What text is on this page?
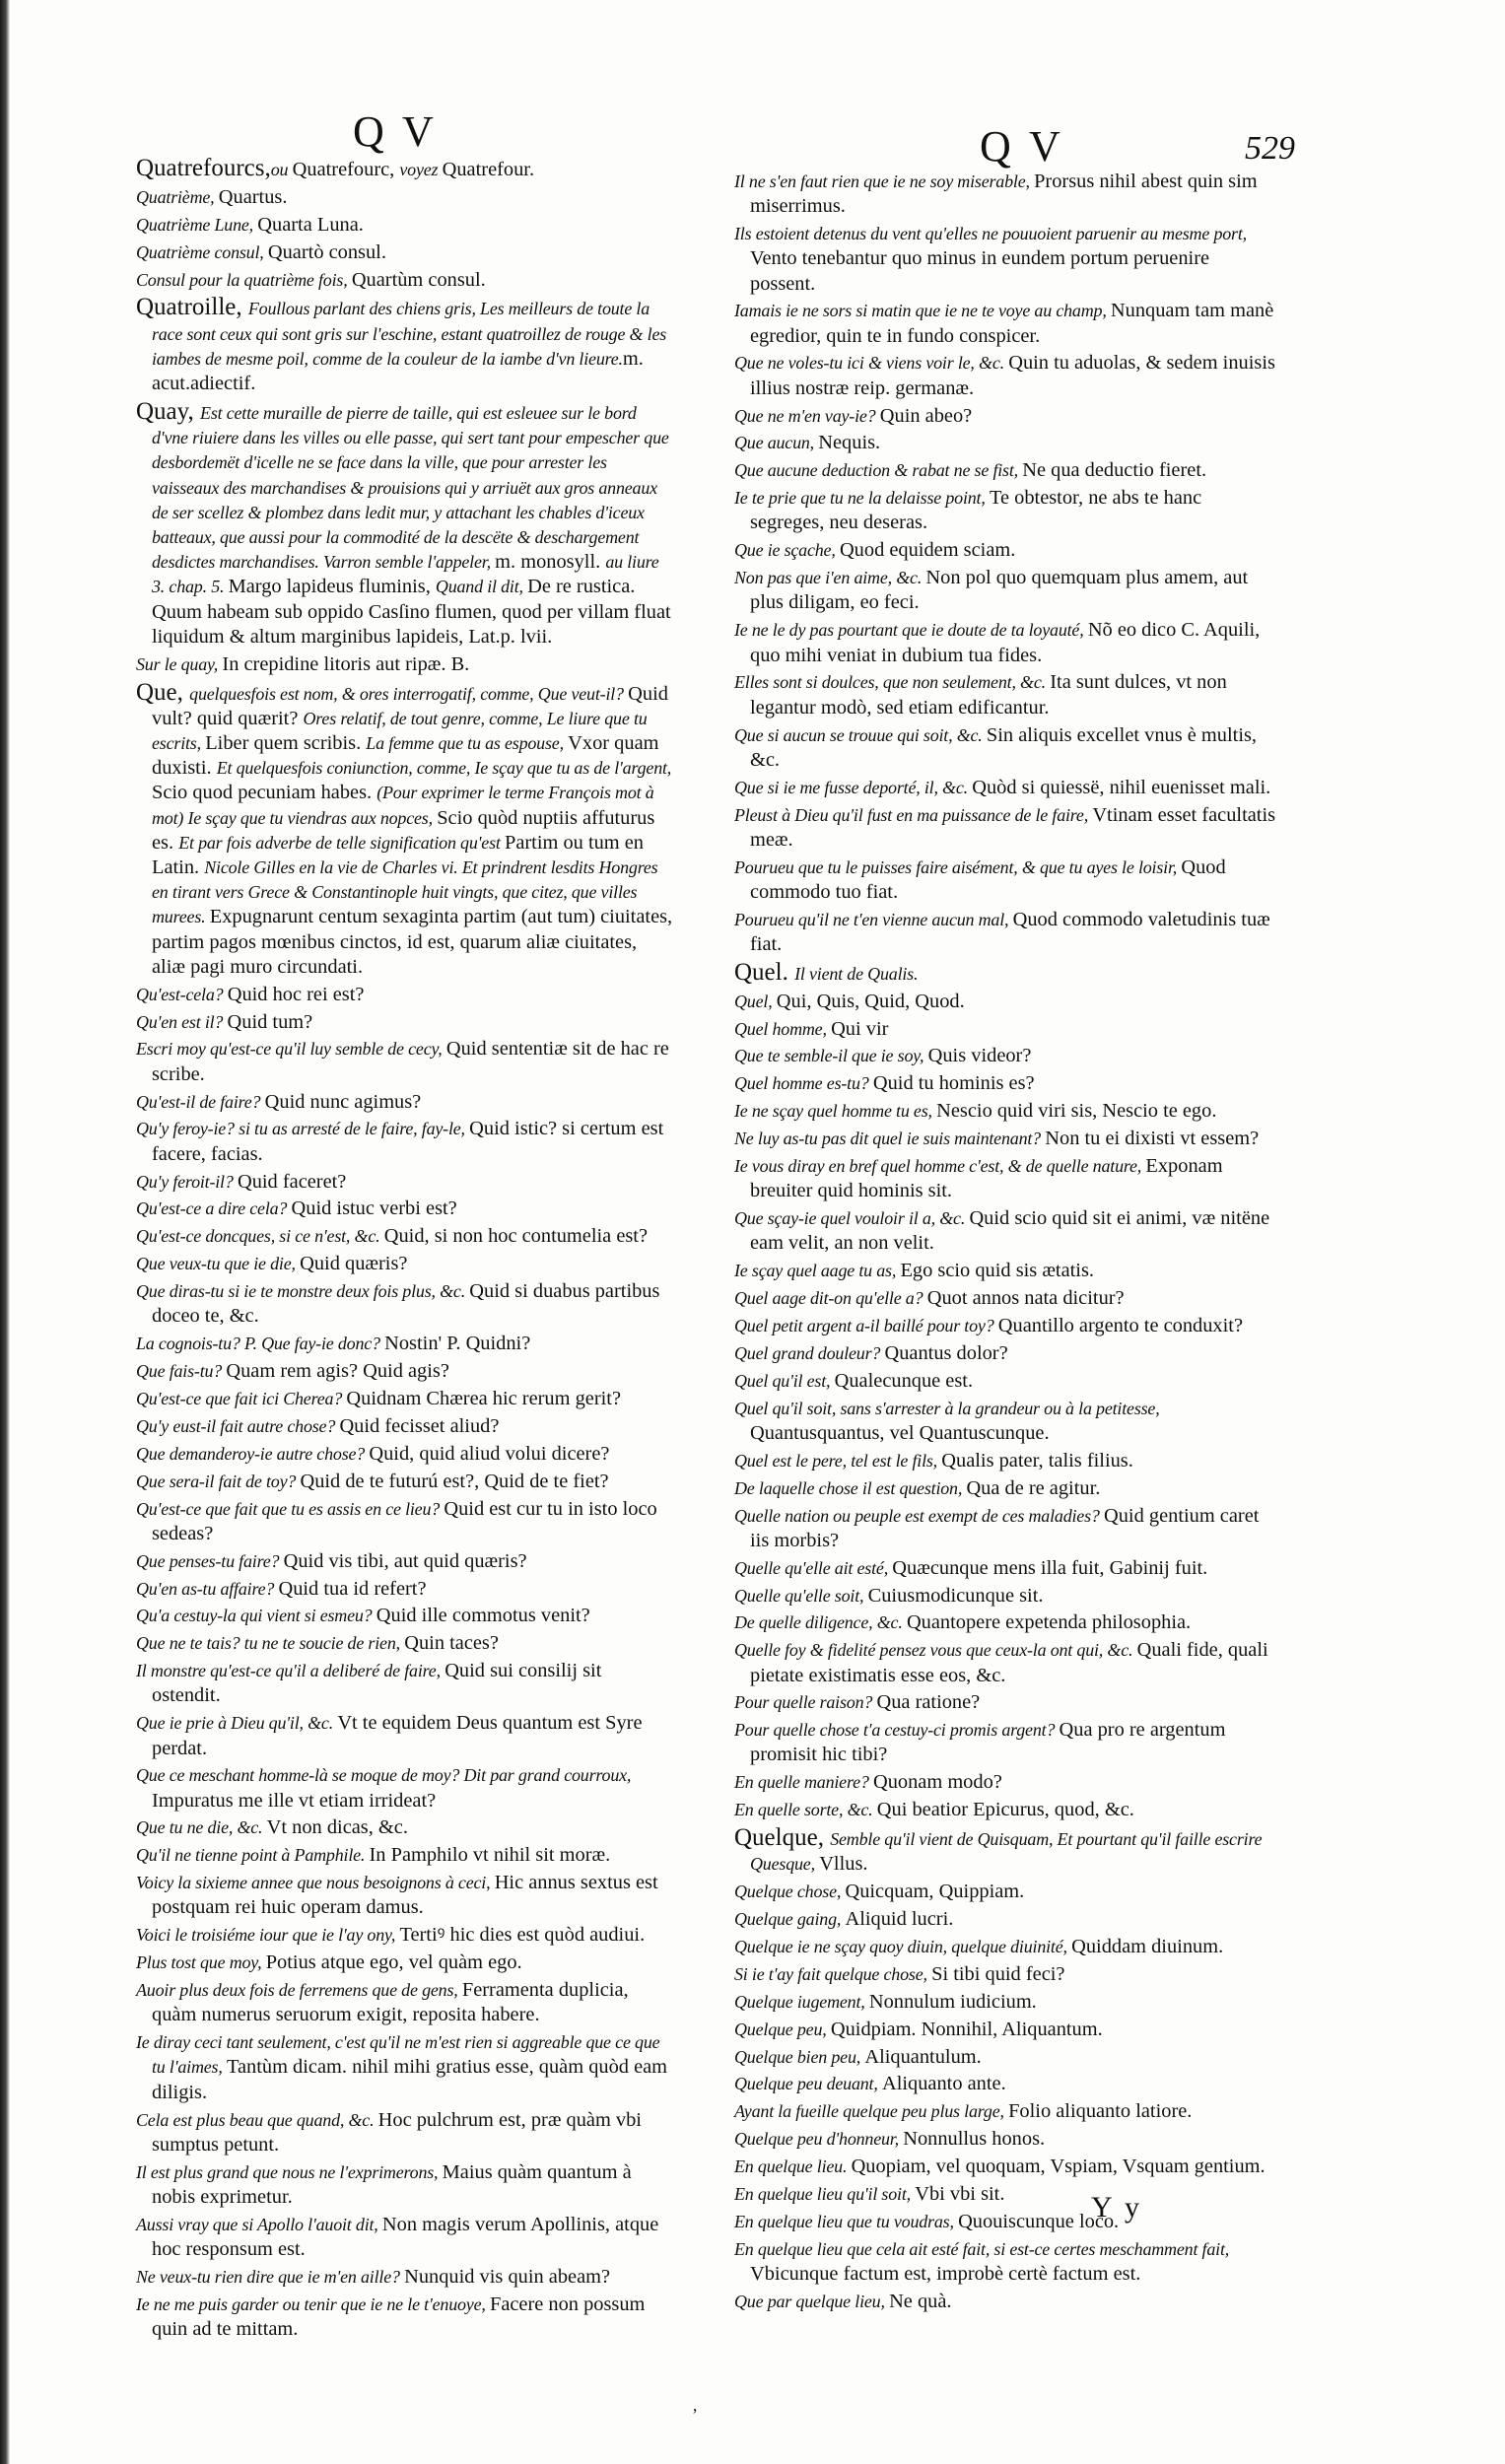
Q V	Q V	529
Quatrefourcs,ou Quatrefourc, voyez Quatrefour.
Quatrième, Quartus.
Quatrième Lune, Quarta Luna.
Quatrième consul, Quartò consul.
Consul pour la quatrième fois, Quartùm consul.
Quatroille, Foullous parlant des chiens gris, Les meilleurs de toute la race sont ceux qui sont gris sur l'eschine, estant quatroillez de rouge & les iambes de mesme poil, comme de la couleur de la iambe d'vn lieure.m. acut.adiectif.
Quay, Est cette muraille de pierre de taille, qui est esleuee sur le bord d'vne riuiere dans les villes ou elle passe, qui sert tant pour empescher que desbordemët d'icelle ne se face dans la ville, que pour arrester les vaisseaux des marchandises & prouisions qui y arriuët aux gros anneaux de ser scellez & plombez dans ledit mur, y attachant les chables d'iceux batteaux, que aussi pour la commodité de la descëte & deschargement desdictes marchandises. Varron semble l'appeler, m. monosyll. au liure 3. chap. 5. Margo lapideus fluminis, Quand il dit, De re rustica. Quum habeam sub oppido Casſino flumen, quod per villam fluat liquidum & altum marginibus lapideis, Lat.p. lvii.
Sur le quay, In crepidine litoris aut ripæ. B.
Que, quelquesfois est nom, & ores interrogatif, comme, Que veut-il? Quid vult? quid quærit? Ores relatif, de tout genre, comme, Le liure que tu escrits, Liber quem scribis. La femme que tu as espouse, Vxor quam duxisti. Et quelquesfois coniunction, comme, Ie sçay que tu as de l'argent, Scio quod pecuniam habes. (Pour exprimer le terme François mot à mot) Ie sçay que tu viendras aux nopces, Scio quòd nuptiis affuturus es. Et par fois adverbe de telle signification qu'est Partim ou tum en Latin. Nicole Gilles en la vie de Charles vi. Et prindrent lesdits Hongres en tirant vers Grece & Constantinople huit vingts, que citez, que villes murees. Expugnarunt centum sexaginta partim (aut tum) ciuitates, partim pagos mœnibus cinctos, id est, quarum aliæ ciuitates, aliæ pagi muro circundati.
Qu'est-cela? Quid hoc rei est?
Qu'en est il? Quid tum?
Escri moy qu'est-ce qu'il luy semble de cecy, Quid sententiæ sit de hac re scribe.
Qu'est-il de faire? Quid nunc agimus?
Qu'y feroy-ie? si tu as arresté de le faire, fay-le, Quid istic? si certum est facere, facias.
Qu'y feroit-il? Quid faceret?
Qu'est-ce a dire cela? Quid istuc verbi est?
Qu'est-ce doncques, si ce n'est, &c. Quid, si non hoc contumelia est?
Que veux-tu que ie die, Quid quæris?
Que diras-tu si ie te monstre deux fois plus, &c. Quid si duabus partibus doceo te, &c.
La cognois-tu? P. Que fay-ie donc? Nostin' P. Quidni?
Que fais-tu? Quam rem agis? Quid agis?
Qu'est-ce que fait ici Cherea? Quidnam Chærea hic rerum gerit?
Qu'y eust-il fait autre chose? Quid fecisset aliud?
Que demanderoy-ie autre chose? Quid, quid aliud volui dicere?
Que sera-il fait de toy? Quid de te futurú est?, Quid de te fiet?
Qu'est-ce que fait que tu es assis en ce lieu? Quid est cur tu in isto loco sedeas?
Que penses-tu faire? Quid vis tibi, aut quid quæris?
Qu'en as-tu affaire? Quid tua id refert?
Qu'a cestuy-la qui vient si esmeu? Quid ille commotus venit?
Que ne te tais? tu ne te soucie de rien, Quin taces?
Il monstre qu'est-ce qu'il a deliberé de faire, Quid sui consilij sit ostendit.
Que ie prie à Dieu qu'il, &c. Vt te equidem Deus quantum est Syre perdat.
Que ce meschant homme-là se moque de moy? Dit par grand courroux, Impuratus me ille vt etiam irrideat?
Que tu ne die, &c. Vt non dicas, &c.
Qu'il ne tienne point à Pamphile. In Pamphilo vt nihil sit moræ.
Voicy la sixieme annee que nous besoignons à ceci, Hic annus sextus est postquam rei huic operam damus.
Voici le troisiéme iour que ie l'ay ony, Tertiꝰ hic dies est quòd audiui.
Plus tost que moy, Potius atque ego, vel quàm ego.
Auoir plus deux fois de ferremens que de gens, Ferramenta duplicia, quàm numerus seruorum exigit, reposita habere.
Ie diray ceci tant seulement, c'est qu'il ne m'est rien si aggreable que ce que tu l'aimes, Tantùm dicam. nihil mihi gratius esse, quàm quòd eam diligis.
Cela est plus beau que quand, &c. Hoc pulchrum est, præ quàm vbi sumptus petunt.
Il est plus grand que nous ne l'exprimerons, Maius quàm quantum à nobis exprimetur.
Aussi vray que si Apollo l'auoit dit, Non magis verum Apollinis, atque hoc responsum est.
Ne veux-tu rien dire que ie m'en aille? Nunquid vis quin abeam?
Ie ne me puis garder ou tenir que ie ne le t'enuoye, Facere non possum quin ad te mittam.
Il ne s'en faut rien que ie ne soy miserable, Prorsus nihil abest quin sim miserrimus.
Ils estoient detenus du vent qu'elles ne pouuoient paruenir au mesme port, Vento tenebantur quo minus in eundem portum peruenire possent.
Iamais ie ne sors si matin que ie ne te voye au champ, Nunquam tam manè egredior, quin te in fundo conspicer.
Que ne voles-tu ici & viens voir le, &c. Quin tu aduolas, & sedem inuisis illius nostræ reip. germanæ.
Que ne m'en vay-ie? Quin abeo?
Que aucun, Nequis.
Que aucune deduction & rabat ne se fist, Ne qua deductio fieret.
Ie te prie que tu ne la delaisse point, Te obtestor, ne abs te hanc segreges, neu deseras.
Que ie sçache, Quod equidem sciam.
Non pas que i'en aime, &c. Non pol quo quemquam plus amem, aut plus diligam, eo feci.
Ie ne le dy pas pourtant que ie doute de ta loyauté, Nõ eo dico C. Aquili, quo mihi veniat in dubium tua fides.
Elles sont si doulces, que non seulement, &c. Ita sunt dulces, vt non legantur modò, sed etiam edificantur.
Que si aucun se trouue qui soit, &c. Sin aliquis excellet vnus è multis, &c.
Que si ie me fusse deporté, il, &c. Quòd si quiessë, nihil euenisset mali.
Pleust à Dieu qu'il fust en ma puissance de le faire, Vtinam esset facultatis meæ.
Pourueu que tu le puisses faire aisément, & que tu ayes le loisir, Quod commodo tuo fiat.
Pourueu qu'il ne t'en vienne aucun mal, Quod commodo valetudinis tuæ fiat.
Quel. Il vient de Qualis.
Quel, Qui, Quis, Quid, Quod.
Quel homme, Qui vir
Que te semble-il que ie soy, Quis videor?
Quel homme es-tu? Quid tu hominis es?
Ie ne sçay quel homme tu es, Nescio quid viri sis, Nescio te ego.
Ne luy as-tu pas dit quel ie suis maintenant? Non tu ei dixisti vt essem?
Ie vous diray en bref quel homme c'est, & de quelle nature, Exponam breuiter quid hominis sit.
Que sçay-ie quel vouloir il a, &c. Quid scio quid sit ei animi, væ nitëne eam velit, an non velit.
Ie sçay quel aage tu as, Ego scio quid sis ætatis.
Quel aage dit-on qu'elle a? Quot annos nata dicitur?
Quel petit argent a-il baillé pour toy? Quantillo argento te conduxit?
Quel grand douleur? Quantus dolor?
Quel qu'il est, Qualecunque est.
Quel qu'il soit, sans s'arrester à la grandeur ou à la petitesse, Quantusquantus, vel Quantuscunque.
Quel est le pere, tel est le fils, Qualis pater, talis filius.
De laquelle chose il est question, Qua de re agitur.
Quelle nation ou peuple est exempt de ces maladies? Quid gentium caret iis morbis?
Quelle qu'elle ait esté, Quæcunque mens illa fuit, Gabinij fuit.
Quelle qu'elle soit, Cuiusmodicunque sit.
De quelle diligence, &c. Quantopere expetenda philosophia.
Quelle foy & fidelité pensez vous que ceux-la ont qui, &c. Quali fide, quali pietate existimatis esse eos, &c.
Pour quelle raison? Qua ratione?
Pour quelle chose t'a cestuy-ci promis argent? Qua pro re argentum promisit hic tibi?
En quelle maniere? Quonam modo?
En quelle sorte, &c. Qui beatior Epicurus, quod, &c.
Quelque, Semble qu'il vient de Quisquam, Et pourtant qu'il faille escrire Quesque, Vllus.
Quelque chose, Quicquam, Quippiam.
Quelque gaing, Aliquid lucri.
Quelque ie ne sçay quoy diuin, quelque diuinité, Quiddam diuinum.
Si ie t'ay fait quelque chose, Si tibi quid feci?
Quelque iugement, Nonnulum iudicium.
Quelque peu, Quidpiam. Nonnihil, Aliquantum.
Quelque bien peu, Aliquantulum.
Quelque peu deuant, Aliquanto ante.
Ayant la fueille quelque peu plus large, Folio aliquanto latiore.
Quelque peu d'honneur, Nonnullus honos.
En quelque lieu. Quopiam, vel quoquam, Vspiam, Vsquam gentium.
En quelque lieu qu'il soit, Vbi vbi sit.
En quelque lieu que tu voudras, Quouiscunque loco.
En quelque lieu que cela ait esté fait, si est-ce certes meschamment fait, Vbicunque factum est, improbè certè factum est.
Que par quelque lieu, Ne quà.
Y y
ʼ
